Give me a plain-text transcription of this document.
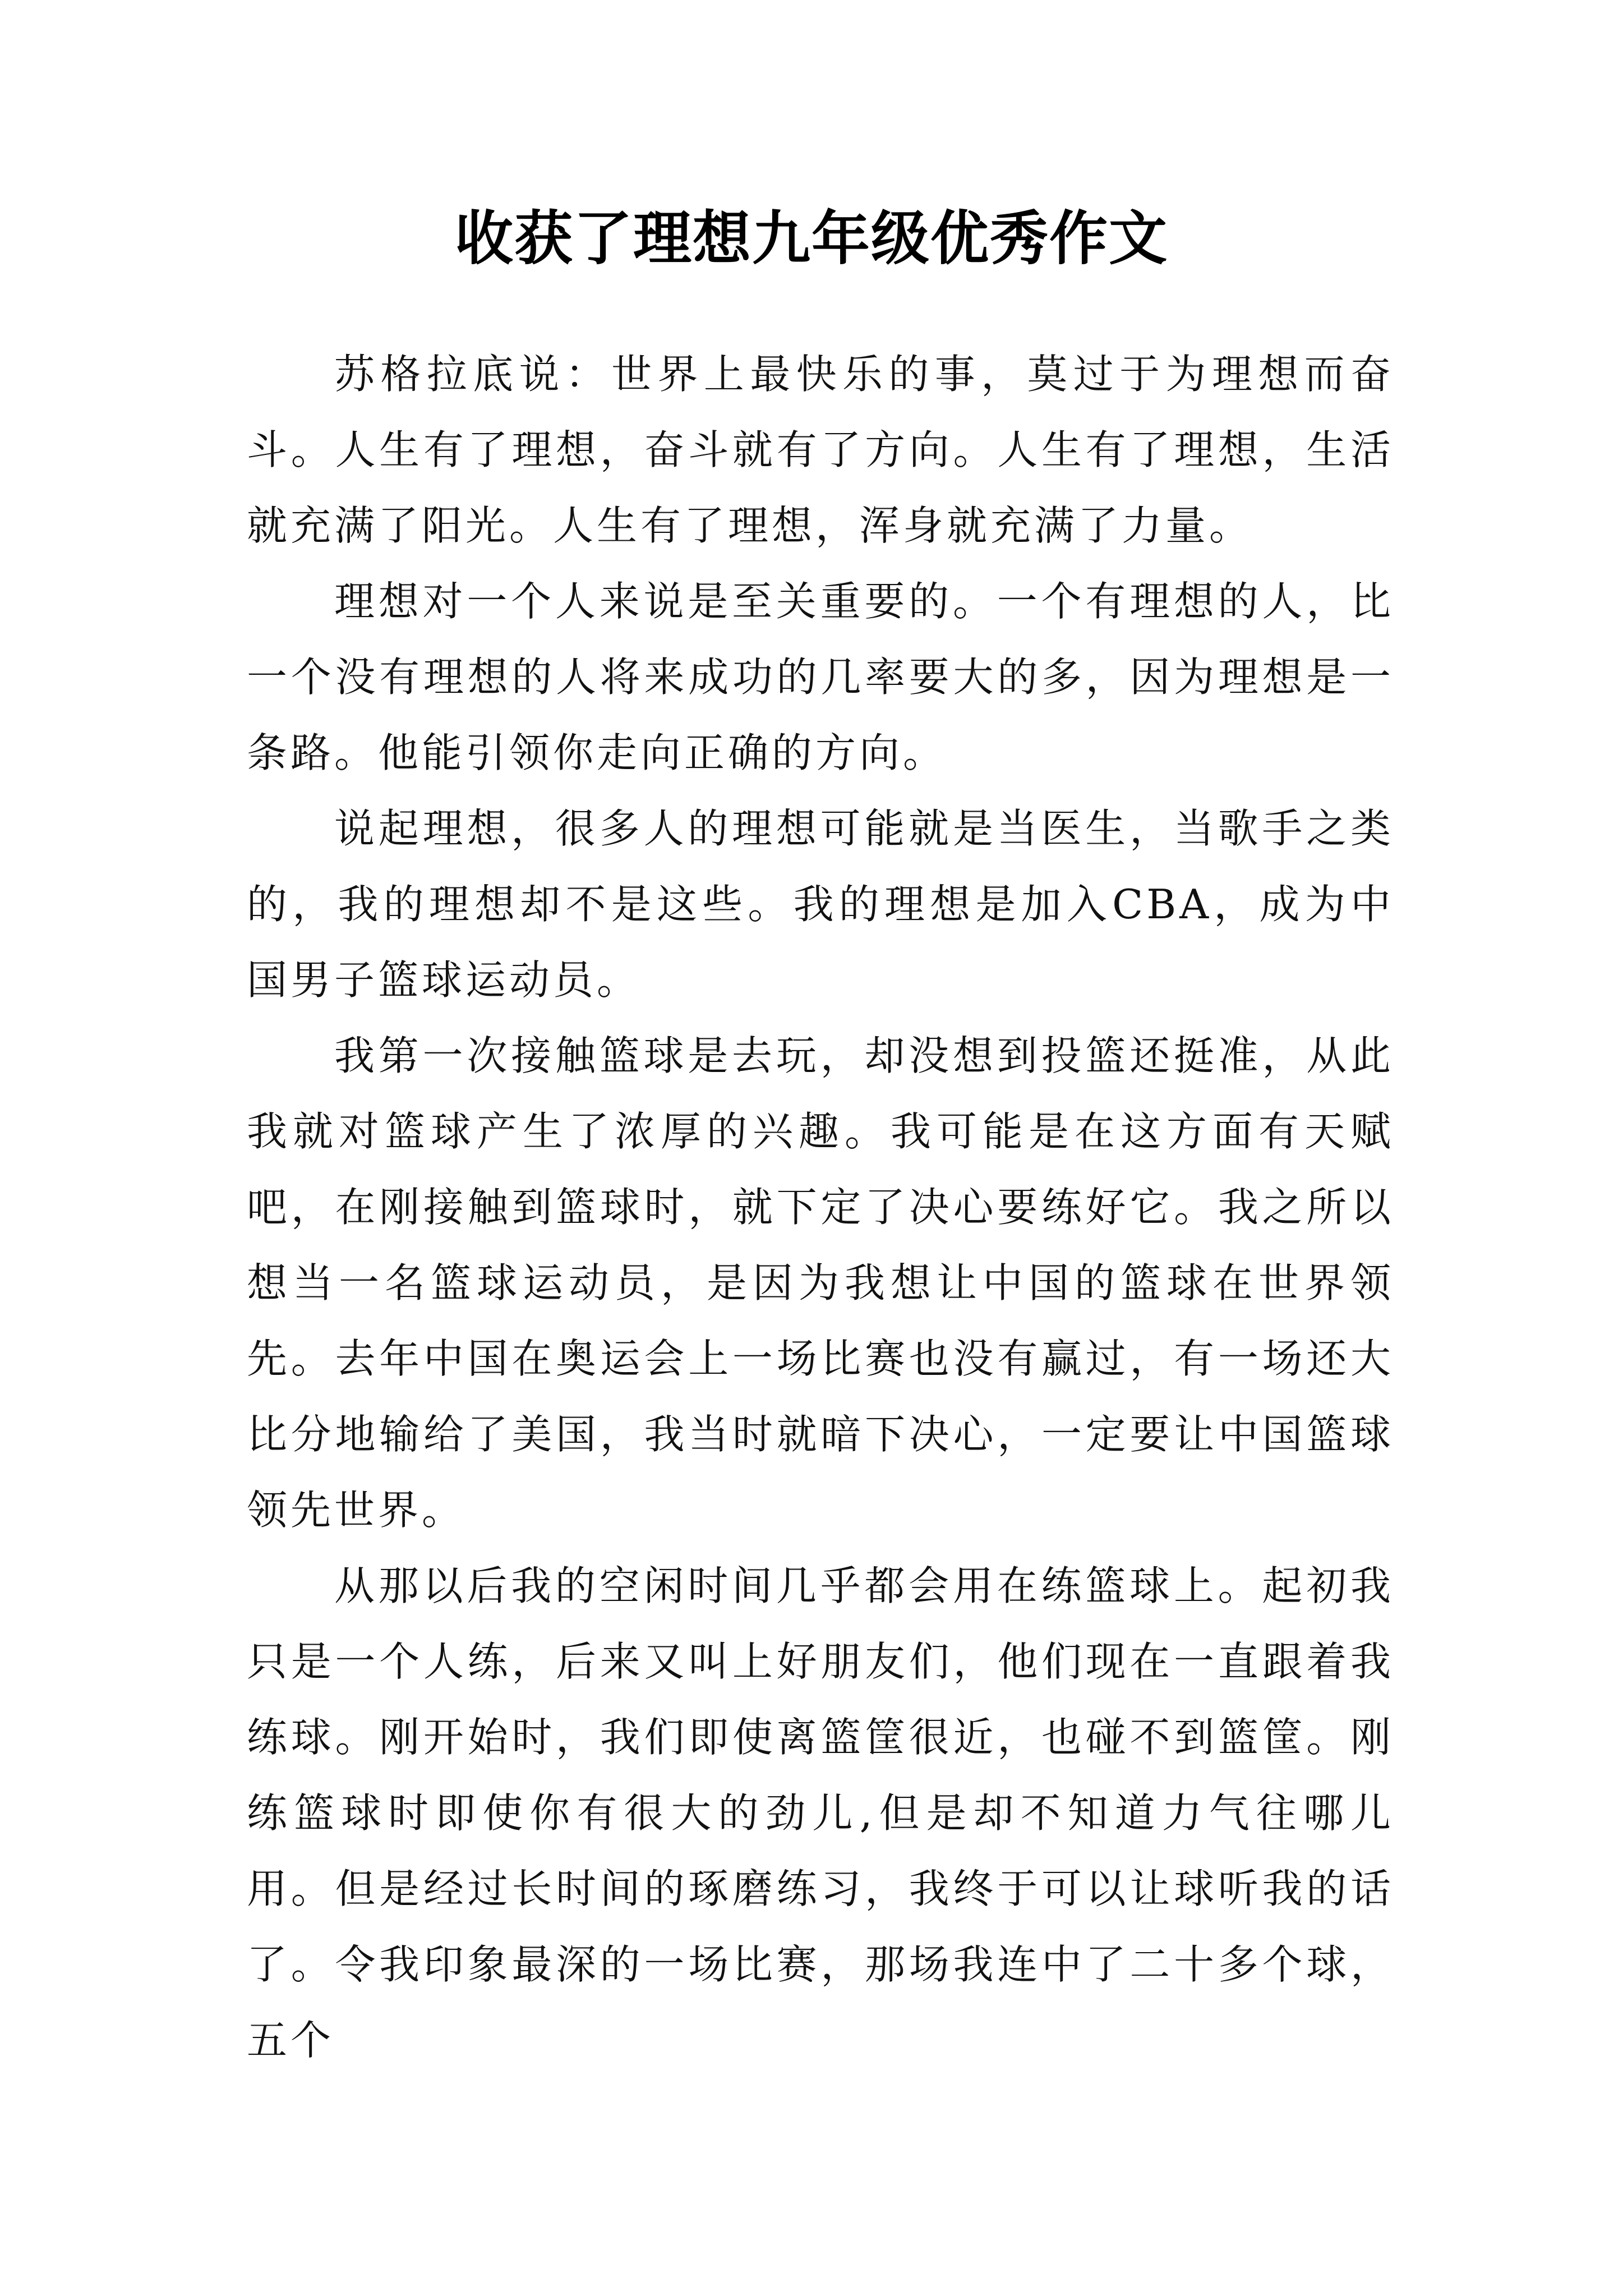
收获了理想九年级优秀作文

苏格拉底说：世界上最快乐的事，莫过于为理想而奋斗。人生有了理想，奋斗就有了方向。人生有了理想，生活就充满了阳光。人生有了理想，浑身就充满了力量。

理想对一个人来说是至关重要的。一个有理想的人，比一个没有理想的人将来成功的几率要大的多，因为理想是一条路。他能引领你走向正确的方向。

说起理想，很多人的理想可能就是当医生，当歌手之类的，我的理想却不是这些。我的理想是加入CBA，成为中国男子篮球运动员。

我第一次接触篮球是去玩，却没想到投篮还挺准，从此我就对篮球产生了浓厚的兴趣。我可能是在这方面有天赋吧，在刚接触到篮球时，就下定了决心要练好它。我之所以想当一名篮球运动员，是因为我想让中国的篮球在世界领先。去年中国在奥运会上一场比赛也没有赢过，有一场还大比分地输给了美国，我当时就暗下决心，一定要让中国篮球领先世界。

从那以后我的空闲时间几乎都会用在练篮球上。起初我只是一个人练，后来又叫上好朋友们，他们现在一直跟着我练球。刚开始时，我们即使离篮筐很近，也碰不到篮筐。刚练篮球时即使你有很大的劲儿,但是却不知道力气往哪儿用。但是经过长时间的琢磨练习，我终于可以让球听我的话了。令我印象最深的一场比赛，那场我连中了二十多个球，五个
